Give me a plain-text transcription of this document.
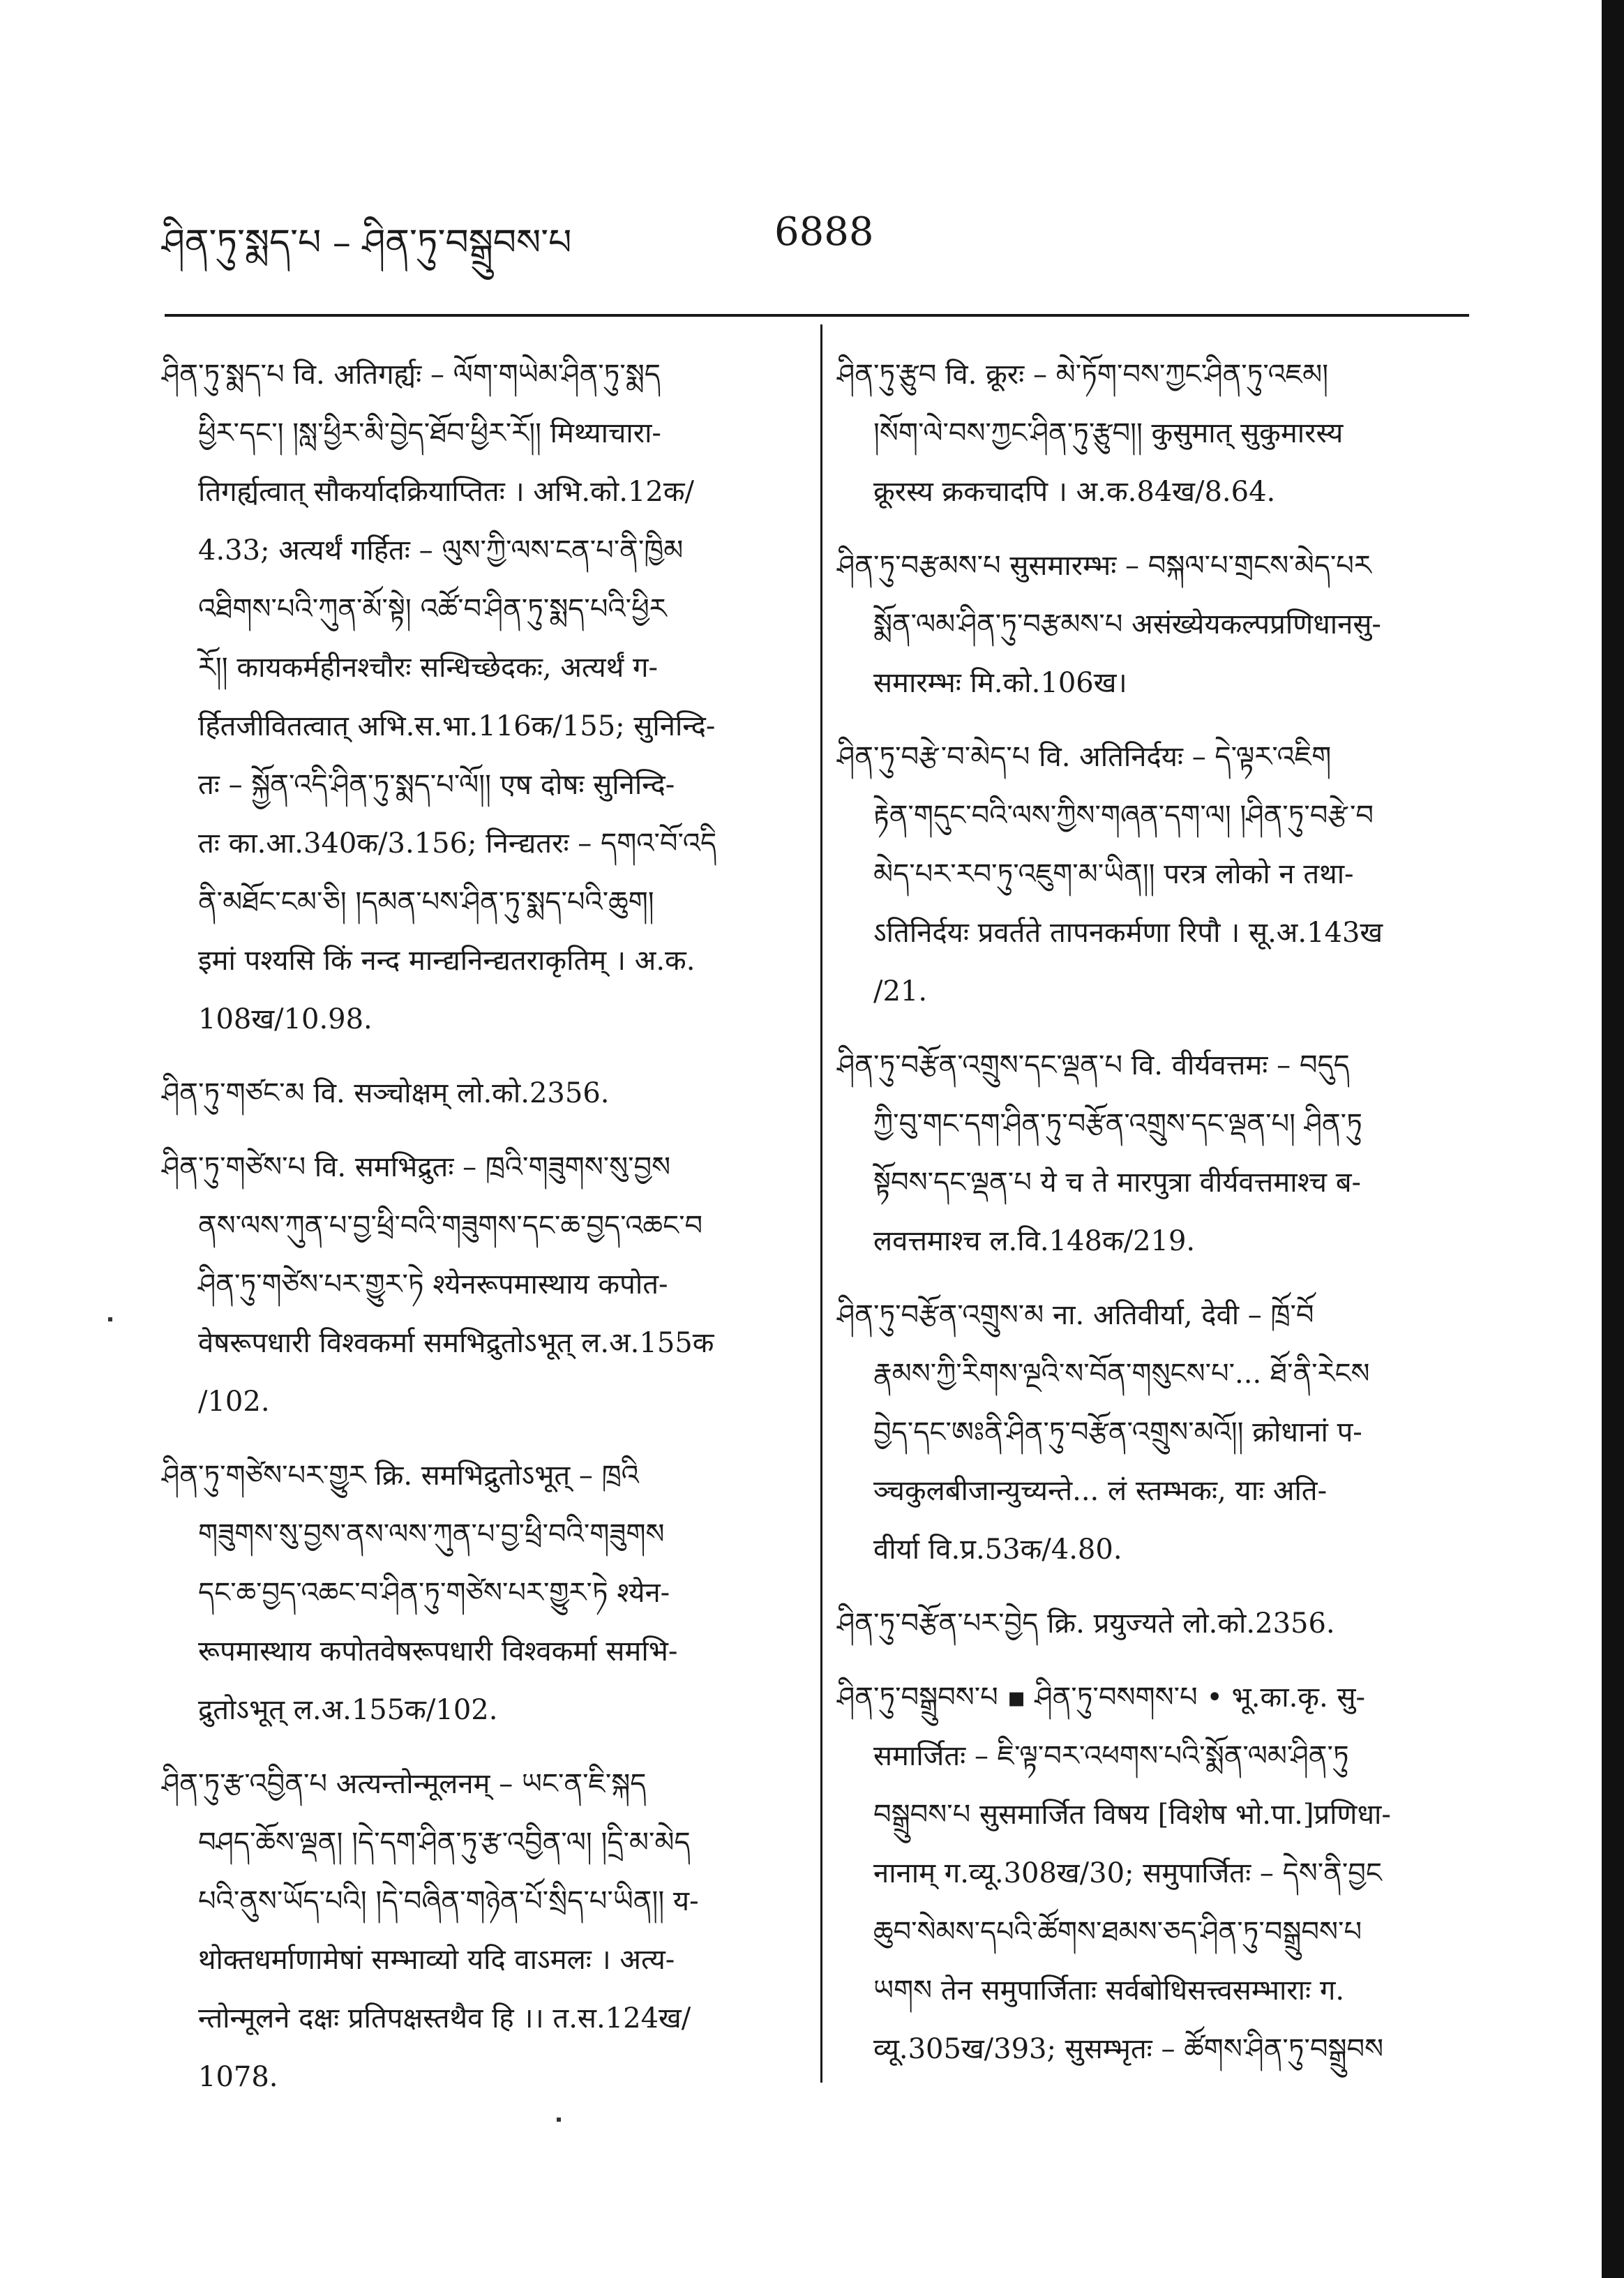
ཤིན་ཏུ་སྨད་པ – ཤིན་ཏུ་བསྒྲུབས་པ	6888

ཤིན་ཏུ་སྨད་པ वि. अतिगर्ह्यः – ལོག་གཡེམ་ཤིན་ཏུ་སྨད

ཕྱིར་དང་། །སླ་ཕྱིར་མི་བྱེད་ཐོབ་ཕྱིར་རོ།། मिथ्याचारा-

तिगर्ह्यत्वात् सौकर्यादक्रियाप्तितः । अभि.को.12क/

4.33; अत्यर्थं गर्हितः – ལུས་ཀྱི་ལས་ངན་པ་ནི་ཁྱིམ

འཐིགས་པའི་ཀུན་མོ་སྟེ། འཚོ་བ་ཤིན་ཏུ་སྨད་པའི་ཕྱིར

རོ།། कायकर्महीनश्चौरः सन्धिच्छेदकः, अत्यर्थं ग-

र्हितजीवितत्वात् अभि.स.भा.116क/155; सुनिन्दि-

तः – སྐྱོན་འདི་ཤིན་ཏུ་སྨད་པ་ལོ།། एष दोषः सुनिन्दि-

तः का.आ.340क/3.156; निन्द्यतरः – དགའ་བོ་འདི

ནི་མཐོང་ངམ་ཅི། །དམན་པས་ཤིན་ཏུ་སྨད་པའི་ཆུག།

इमां पश्यसि किं नन्द मान्द्यनिन्द्यतराकृतिम् । अ.क.

108ख/10.98.

ཤིན་ཏུ་གཙང་མ वि. सञ्चोक्षम् लो.को.2356.

ཤིན་ཏུ་གཙེས་པ वि. समभिद्रुतः – ཁྲའི་གཟུགས་སུ་བྱས

ནས་ལས་ཀུན་པ་བྱ་ཕྲི་བའི་གཟུགས་དང་ཆ་བྱད་འཆང་བ

ཤིན་ཏུ་གཙེས་པར་གྱུར་ཏེ श्येनरूपमास्थाय कपोत-

वेषरूपधारी विश्वकर्मा समभिद्रुतोऽभूत् ल.अ.155क

/102.

ཤིན་ཏུ་གཙེས་པར་གྱུར क्रि. समभिद्रुतोऽभूत् – ཁྲའི

གཟུགས་སུ་བྱས་ནས་ལས་ཀུན་པ་བྱ་ཕྲི་བའི་གཟུགས

དང་ཆ་བྱད་འཆང་བ་ཤིན་ཏུ་གཙེས་པར་གྱུར་ཏེ श्येन-

रूपमास्थाय कपोतवेषरूपधारी विश्वकर्मा समभि-

द्रुतोऽभूत् ल.अ.155क/102.

ཤིན་ཏུ་རྩ་འབྱིན་པ अत्यन्तोन्मूलनम् – ཡང་ན་ཇི་སྐད

བཤད་ཆོས་ལྡན། །དེ་དག་ཤིན་ཏུ་རྩ་འབྱིན་ལ། །དྲི་མ་མེད

པའི་ནུས་ཡོད་པའི། །དེ་བཞིན་གཉེན་པོ་སྲིད་པ་ཡིན།། य-

थोक्तधर्माणामेषां सम्भाव्यो यदि वाऽमलः । अत्य-

न्तोन्मूलने दक्षः प्रतिपक्षस्तथैव हि ।। त.स.124ख/

1078.

ཤིན་ཏུ་རྩུབ वि. क्रूरः – མེ་ཏོག་བས་ཀྱང་ཤིན་ཏུ་འཇམ།

།སོག་ལེ་བས་ཀྱང་ཤིན་ཏུ་རྩུབ།། कुसुमात् सुकुमारस्य

क्रूरस्य क्रकचादपि । अ.क.84ख/8.64.

ཤིན་ཏུ་བརྩམས་པ सुसमारम्भः – བསྐལ་པ་གྲངས་མེད་པར

སྨོན་ལམ་ཤིན་ཏུ་བརྩམས་པ असंख्येयकल्पप्रणिधानसु-

समारम्भः मि.को.106ख।

ཤིན་ཏུ་བརྩེ་བ་མེད་པ वि. अतिनिर्दयः – དེ་ལྟར་འཇིག

རྟེན་གདུང་བའི་ལས་ཀྱིས་གཞན་དག་ལ། །ཤིན་ཏུ་བརྩེ་བ

མེད་པར་རབ་ཏུ་འཇུག་མ་ཡིན།། परत्र लोको न तथा-

ऽतिनिर्दयः प्रवर्तते तापनकर्मणा रिपौ । सू.अ.143ख

/21.

ཤིན་ཏུ་བརྩོན་འགྲུས་དང་ལྡན་པ वि. वीर्यवत्तमः – བདུད

ཀྱི་བུ་གང་དག་ཤིན་ཏུ་བརྩོན་འགྲུས་དང་ལྡན་པ། ཤིན་ཏུ

སྟོབས་དང་ལྡན་པ ये च ते मारपुत्रा वीर्यवत्तमाश्च ब-

लवत्तमाश्च ल.वि.148क/219.

ཤིན་ཏུ་བརྩོན་འགྲུས་མ ना. अतिवीर्या, देवी – ཁྲོ་བོ

རྣམས་ཀྱི་རིགས་ལྔའི་ས་བོན་གསུངས་པ་... ཐོ་ནི་རེངས

བྱེད་དང་ཨཿནི་ཤིན་ཏུ་བརྩོན་འགྲུས་མའོ།། क्रोधानां प-

ञ्चकुलबीजान्युच्यन्ते... लं स्तम्भकः, याः अति-

वीर्या वि.प्र.53क/4.80.

ཤིན་ཏུ་བརྩོན་པར་བྱེད क्रि. प्रयुज्यते लो.को.2356.

ཤིན་ཏུ་བསྒྲུབས་པ ▪ ཤིན་ཏུ་བསགས་པ • भू.का.कृ. सु-

समार्जितः – ཇི་ལྟ་བར་འཕགས་པའི་སྨོན་ལམ་ཤིན་ཏུ

བསྒྲུབས་པ सुसमार्जित विषय [विशेष भो.पा.]प्रणिधा-

नानाम् ग.व्यू.308ख/30; समुपार्जितः – དེས་ནི་བྱང

ཆུབ་སེམས་དཔའི་ཚོགས་ཐམས་ཅད་ཤིན་ཏུ་བསྒྲུབས་པ

ཡགས तेन समुपार्जिताः सर्वबोधिसत्त्वसम्भाराः ग.

व्यू.305ख/393; सुसम्भृतः – ཚོགས་ཤིན་ཏུ་བསྒྲུབས
